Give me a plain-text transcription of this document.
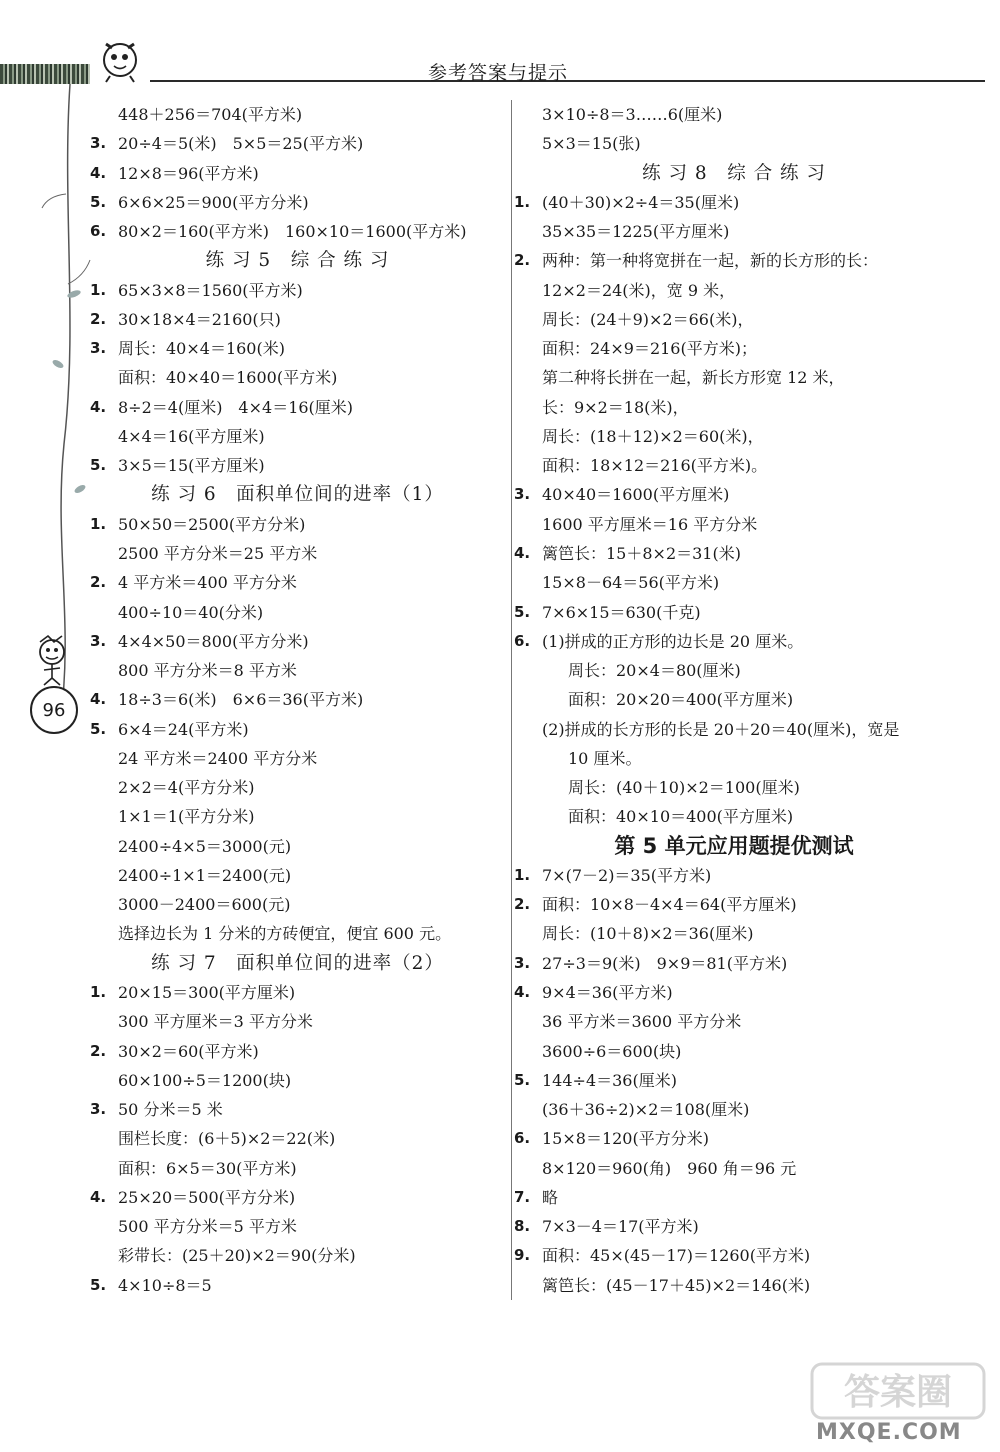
参考答案与提示
96
448＋256＝704(平方米)
3. 20÷4＝5(米)　5×5＝25(平方米)
4. 12×8＝96(平方米)
5. 6×6×25＝900(平方分米)
6. 80×2＝160(平方米)　160×10＝1600(平方米)
练 习 5　综 合 练 习
1. 65×3×8＝1560(平方米)
2. 30×18×4＝2160(只)
3. 周长：40×4＝160(米)
面积：40×40＝1600(平方米)
4. 8÷2＝4(厘米)　4×4＝16(厘米)
4×4＝16(平方厘米)
5. 3×5＝15(平方厘米)
练 习 6　面积单位间的进率（1）
1. 50×50＝2500(平方分米)
2500 平方分米＝25 平方米
2. 4 平方米＝400 平方分米
400÷10＝40(分米)
3. 4×4×50＝800(平方分米)
800 平方分米＝8 平方米
4. 18÷3＝6(米)　6×6＝36(平方米)
5. 6×4＝24(平方米)
24 平方米＝2400 平方分米
2×2＝4(平方分米)
1×1＝1(平方分米)
2400÷4×5＝3000(元)
2400÷1×1＝2400(元)
3000－2400＝600(元)
选择边长为 1 分米的方砖便宜，便宜 600 元。
练 习 7　面积单位间的进率（2）
1. 20×15＝300(平方厘米)
300 平方厘米＝3 平方分米
2. 30×2＝60(平方米)
60×100÷5＝1200(块)
3. 50 分米＝5 米
围栏长度：(6＋5)×2＝22(米)
面积：6×5＝30(平方米)
4. 25×20＝500(平方分米)
500 平方分米＝5 平方米
彩带长：(25＋20)×2＝90(分米)
5. 4×10÷8＝5
3×10÷8＝3……6(厘米)
5×3＝15(张)
练 习 8　综 合 练 习
1. (40＋30)×2÷4＝35(厘米)
35×35＝1225(平方厘米)
2. 两种：第一种将宽拼在一起，新的长方形的长：
12×2＝24(米)，宽 9 米，
周长：(24＋9)×2＝66(米)，
面积：24×9＝216(平方米)；
第二种将长拼在一起，新长方形宽 12 米，
长：9×2＝18(米)，
周长：(18＋12)×2＝60(米)，
面积：18×12＝216(平方米)。
3. 40×40＝1600(平方厘米)
1600 平方厘米＝16 平方分米
4. 篱笆长：15＋8×2＝31(米)
15×8－64＝56(平方米)
5. 7×6×15＝630(千克)
6. (1)拼成的正方形的边长是 20 厘米。
周长：20×4＝80(厘米)
面积：20×20＝400(平方厘米)
(2)拼成的长方形的长是 20＋20＝40(厘米)，宽是
10 厘米。
周长：(40＋10)×2＝100(厘米)
面积：40×10＝400(平方厘米)
第 5 单元应用题提优测试
1. 7×(7－2)＝35(平方米)
2. 面积：10×8－4×4＝64(平方厘米)
周长：(10＋8)×2＝36(厘米)
3. 27÷3＝9(米)　9×9＝81(平方米)
4. 9×4＝36(平方米)
36 平方米＝3600 平方分米
3600÷6＝600(块)
5. 144÷4＝36(厘米)
(36＋36÷2)×2＝108(厘米)
6. 15×8＝120(平方分米)
8×120＝960(角)　960 角＝96 元
7. 略
8. 7×3－4＝17(平方米)
9. 面积：45×(45－17)＝1260(平方米)
篱笆长：(45－17＋45)×2＝146(米)
答案圈
MXQE.COM
